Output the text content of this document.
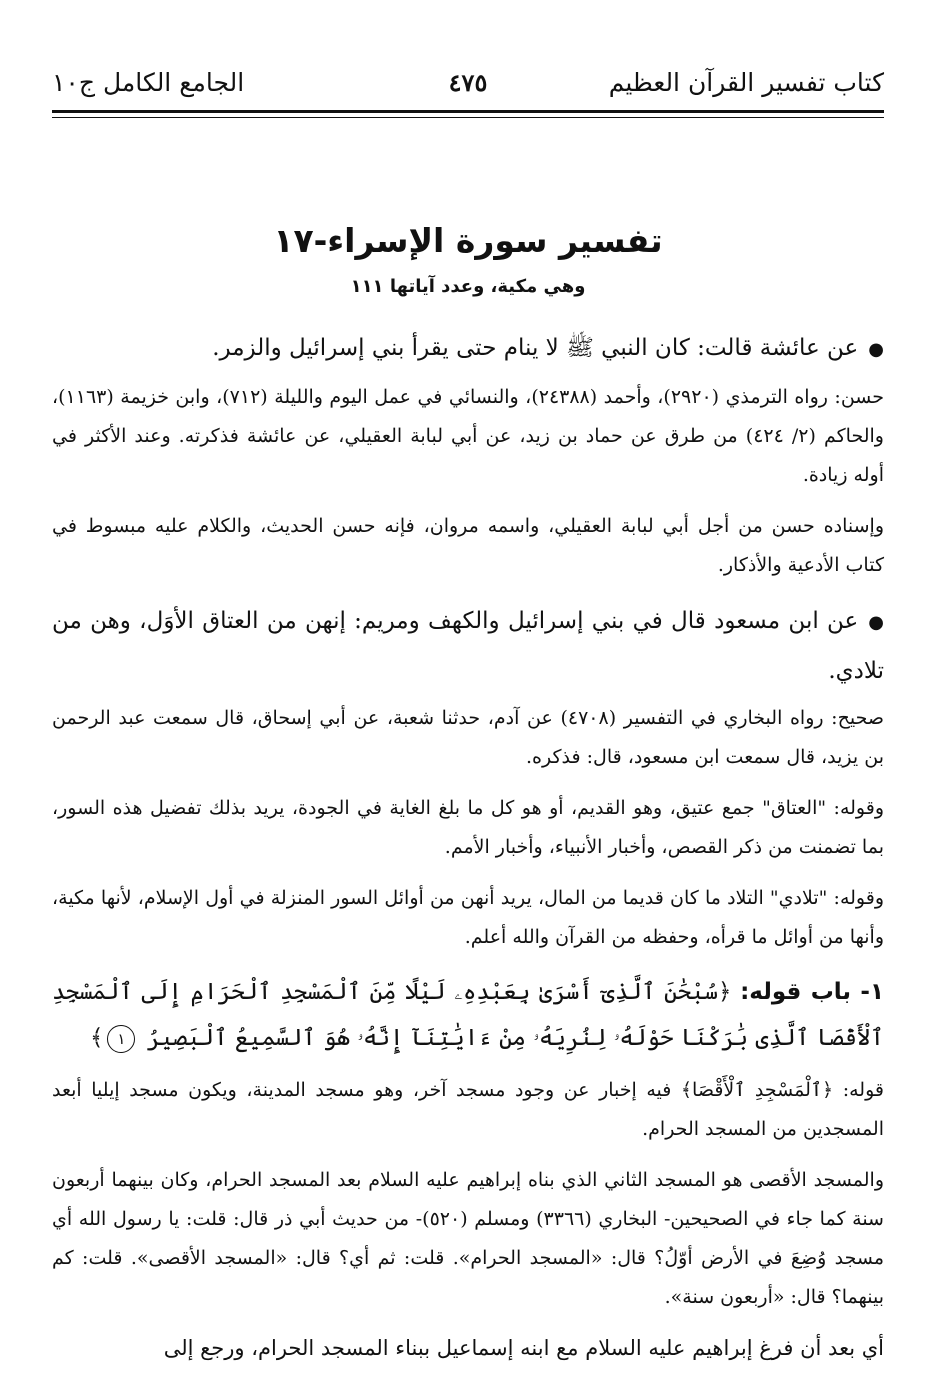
كتاب تفسير القرآن العظيم
٤٧٥
الجامع الكامل ج١٠
تفسير سورة الإسراء-١٧
وهي مكية، وعدد آياتها ١١١

●عن عائشة قالت: كان النبي ﷺ لا ينام حتى يقرأ بني إسرائيل والزمر.

حسن: رواه الترمذي (٢٩٢٠)، وأحمد (٢٤٣٨٨)، والنسائي في عمل اليوم والليلة (٧١٢)، وابن خزيمة (١١٦٣)، والحاكم (٢/ ٤٢٤) من طرق عن حماد بن زيد، عن أبي لبابة العقيلي، عن عائشة فذكرته. وعند الأكثر في أوله زيادة.

وإسناده حسن من أجل أبي لبابة العقيلي، واسمه مروان، فإنه حسن الحديث، والكلام عليه مبسوط في كتاب الأدعية والأذكار.

●عن ابن مسعود قال في بني إسرائيل والكهف ومريم: إنهن من العتاق الأوَل، وهن من تلادي.

صحيح: رواه البخاري في التفسير (٤٧٠٨) عن آدم، حدثنا شعبة، عن أبي إسحاق، قال سمعت عبد الرحمن بن يزيد، قال سمعت ابن مسعود، قال: فذكره.

وقوله: "العتاق" جمع عتيق، وهو القديم، أو هو كل ما بلغ الغاية في الجودة، يريد بذلك تفضيل هذه السور، بما تضمنت من ذكر القصص، وأخبار الأنبياء، وأخبار الأمم.

وقوله: "تلادي" التلاد ما كان قديما من المال، يريد أنهن من أوائل السور المنزلة في أول الإسلام، لأنها مكية، وأنها من أوائل ما قرأه، وحفظه من القرآن والله أعلم.

١- باب قوله: ﴿سُبْحَٰنَ ٱلَّذِىٓ أَسْرَىٰ بِعَبْدِهِۦ لَيْلًا مِّنَ ٱلْمَسْجِدِ ٱلْحَرَامِ إِلَى ٱلْمَسْجِدِ ٱلْأَقْصَا ٱلَّذِى بَٰرَكْنَا حَوْلَهُۥ لِنُرِيَهُۥ مِنْ ءَايَٰتِنَآ إِنَّهُۥ هُوَ ٱلسَّمِيعُ ٱلْبَصِيرُ ١﴾

قوله: ﴿ٱلْمَسْجِدِ ٱلْأَقْصَا﴾ فيه إخبار عن وجود مسجد آخر، وهو مسجد المدينة، ويكون مسجد إيليا أبعد المسجدين من المسجد الحرام.

والمسجد الأقصى هو المسجد الثاني الذي بناه إبراهيم عليه السلام بعد المسجد الحرام، وكان بينهما أربعون سنة كما جاء في الصحيحين- البخاري (٣٣٦٦) ومسلم (٥٢٠)- من حديث أبي ذر قال: قلت: يا رسول الله أي مسجد وُضِعَ في الأرض أوّلُ؟ قال: «المسجد الحرام». قلت: ثم أي؟ قال: «المسجد الأقصى». قلت: كم بينهما؟ قال: «أربعون سنة».

أي بعد أن فرغ إبراهيم عليه السلام مع ابنه إسماعيل ببناء المسجد الحرام، ورجع إلى
